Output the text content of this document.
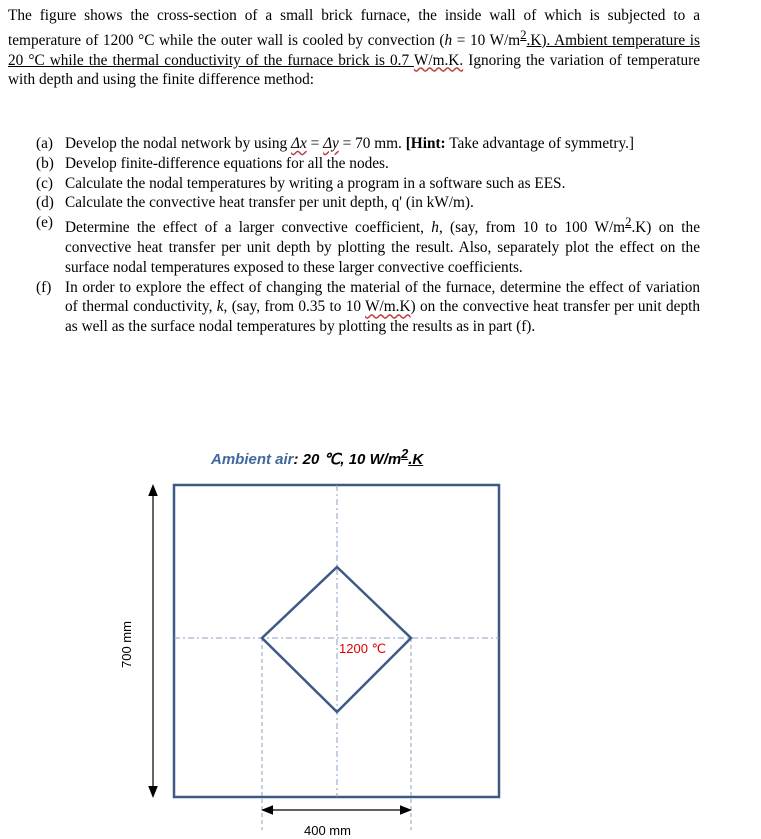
The figure shows the cross-section of a small brick furnace, the inside wall of which is subjected to a temperature of 1200 °C while the outer wall is cooled by convection (h = 10 $W/m^2.K$). Ambient temperature is 20 °C while the thermal conductivity of the furnace brick is 0.7 W/m.K. Ignoring the variation of temperature with depth and using the finite difference method:
(a) Develop the nodal network by using Δx = Δy = 70 mm. [Hint: Take advantage of symmetry.]
(b) Develop finite-difference equations for all the nodes.
(c) Calculate the nodal temperatures by writing a program in a software such as EES.
(d) Calculate the convective heat transfer per unit depth, q' (in kW/m).
(e) Determine the effect of a larger convective coefficient, h, (say, from 10 to 100 $W/m^2.K$) on the convective heat transfer per unit depth by plotting the result. Also, separately plot the effect on the surface nodal temperatures exposed to these larger convective coefficients.
(f) In order to explore the effect of changing the material of the furnace, determine the effect of variation of thermal conductivity, k, (say, from 0.35 to 10 W/m.K) on the convective heat transfer per unit depth as well as the surface nodal temperatures by plotting the results as in part (f).
Ambient air: 20 ℃, 10 $W/m^2.K$
1200 ℃
700 mm
400 mm
